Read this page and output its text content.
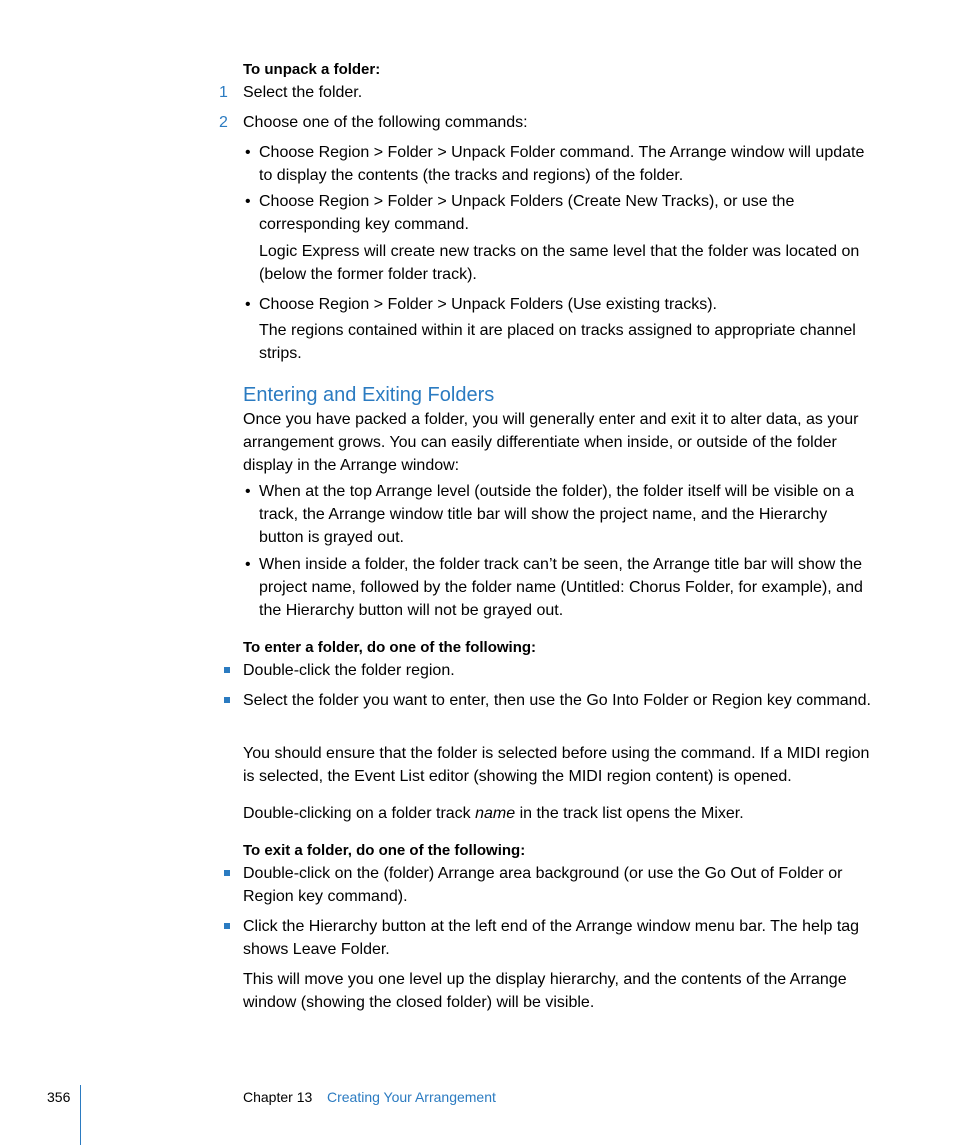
To unpack a folder:
1 Select the folder.
2 Choose one of the following commands:
• Choose Region > Folder > Unpack Folder command. The Arrange window will update to display the contents (the tracks and regions) of the folder.
• Choose Region > Folder > Unpack Folders (Create New Tracks), or use the corresponding key command.
Logic Express will create new tracks on the same level that the folder was located on (below the former folder track).
• Choose Region > Folder > Unpack Folders (Use existing tracks).
The regions contained within it are placed on tracks assigned to appropriate channel strips.
Entering and Exiting Folders
Once you have packed a folder, you will generally enter and exit it to alter data, as your arrangement grows. You can easily differentiate when inside, or outside of the folder display in the Arrange window:
• When at the top Arrange level (outside the folder), the folder itself will be visible on a track, the Arrange window title bar will show the project name, and the Hierarchy button is grayed out.
• When inside a folder, the folder track can’t be seen, the Arrange title bar will show the project name, followed by the folder name (Untitled: Chorus Folder, for example), and the Hierarchy button will not be grayed out.
To enter a folder, do one of the following:
Double-click the folder region.
Select the folder you want to enter, then use the Go Into Folder or Region key command.
You should ensure that the folder is selected before using the command. If a MIDI region is selected, the Event List editor (showing the MIDI region content) is opened.
Double-clicking on a folder track name in the track list opens the Mixer.
To exit a folder, do one of the following:
Double-click on the (folder) Arrange area background (or use the Go Out of Folder or Region key command).
Click the Hierarchy button at the left end of the Arrange window menu bar. The help tag shows Leave Folder.
This will move you one level up the display hierarchy, and the contents of the Arrange window (showing the closed folder) will be visible.
356	Chapter 13 Creating Your Arrangement
